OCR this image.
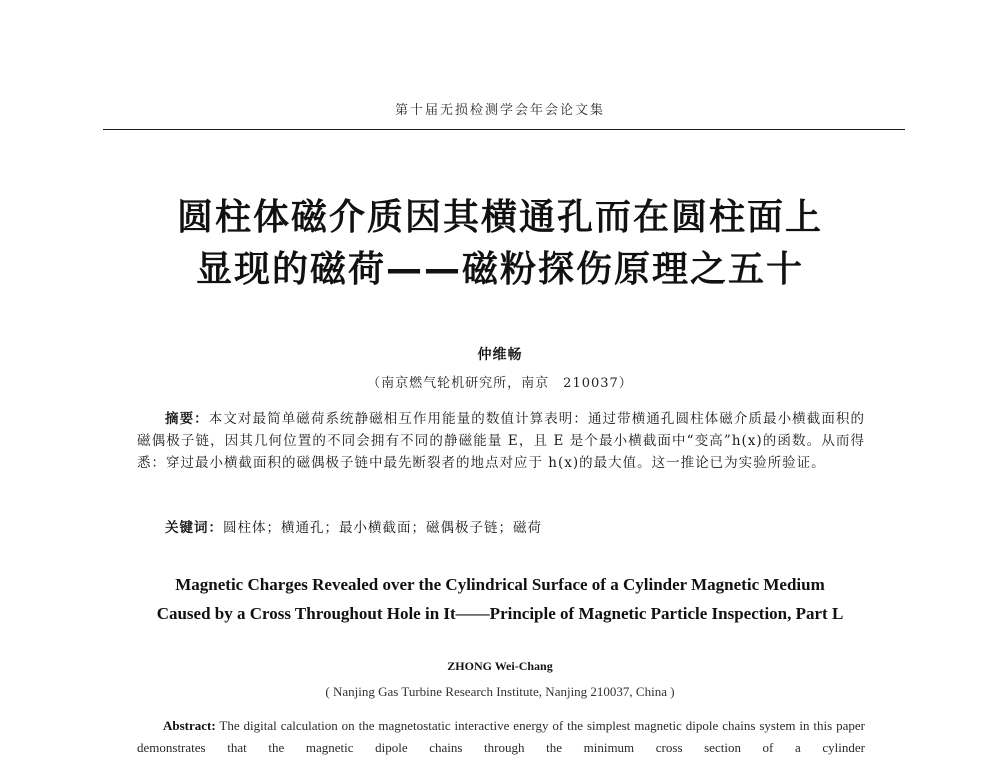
第十届无损检测学会年会论文集
圆柱体磁介质因其横通孔而在圆柱面上
显现的磁荷——磁粉探伤原理之五十
仲维畅
（南京燃气轮机研究所，南京　210037）
摘要：本文对最简单磁荷系统静磁相互作用能量的数值计算表明：通过带横通孔圆柱体磁介质最小横截面积的磁偶极子链，因其几何位置的不同会拥有不同的静磁能量 E，且 E 是个最小横截面中“变高”h(x)的函数。从而得悉：穿过最小横截面积的磁偶极子链中最先断裂者的地点对应于 h(x)的最大值。这一推论已为实验所验证。
关键词：圆柱体；横通孔；最小横截面；磁偶极子链；磁荷
Magnetic Charges Revealed over the Cylindrical Surface of a Cylinder Magnetic Medium
Caused by a Cross Throughout Hole in It——Principle of Magnetic Particle Inspection, Part L
ZHONG Wei-Chang
( Nanjing Gas Turbine Research Institute, Nanjing 210037, China )
Abstract: The digital calculation on the magnetostatic interactive energy of the simplest magnetic dipole chains system in this paper demonstrates that the magnetic dipole chains through the minimum cross section of a cylinder
